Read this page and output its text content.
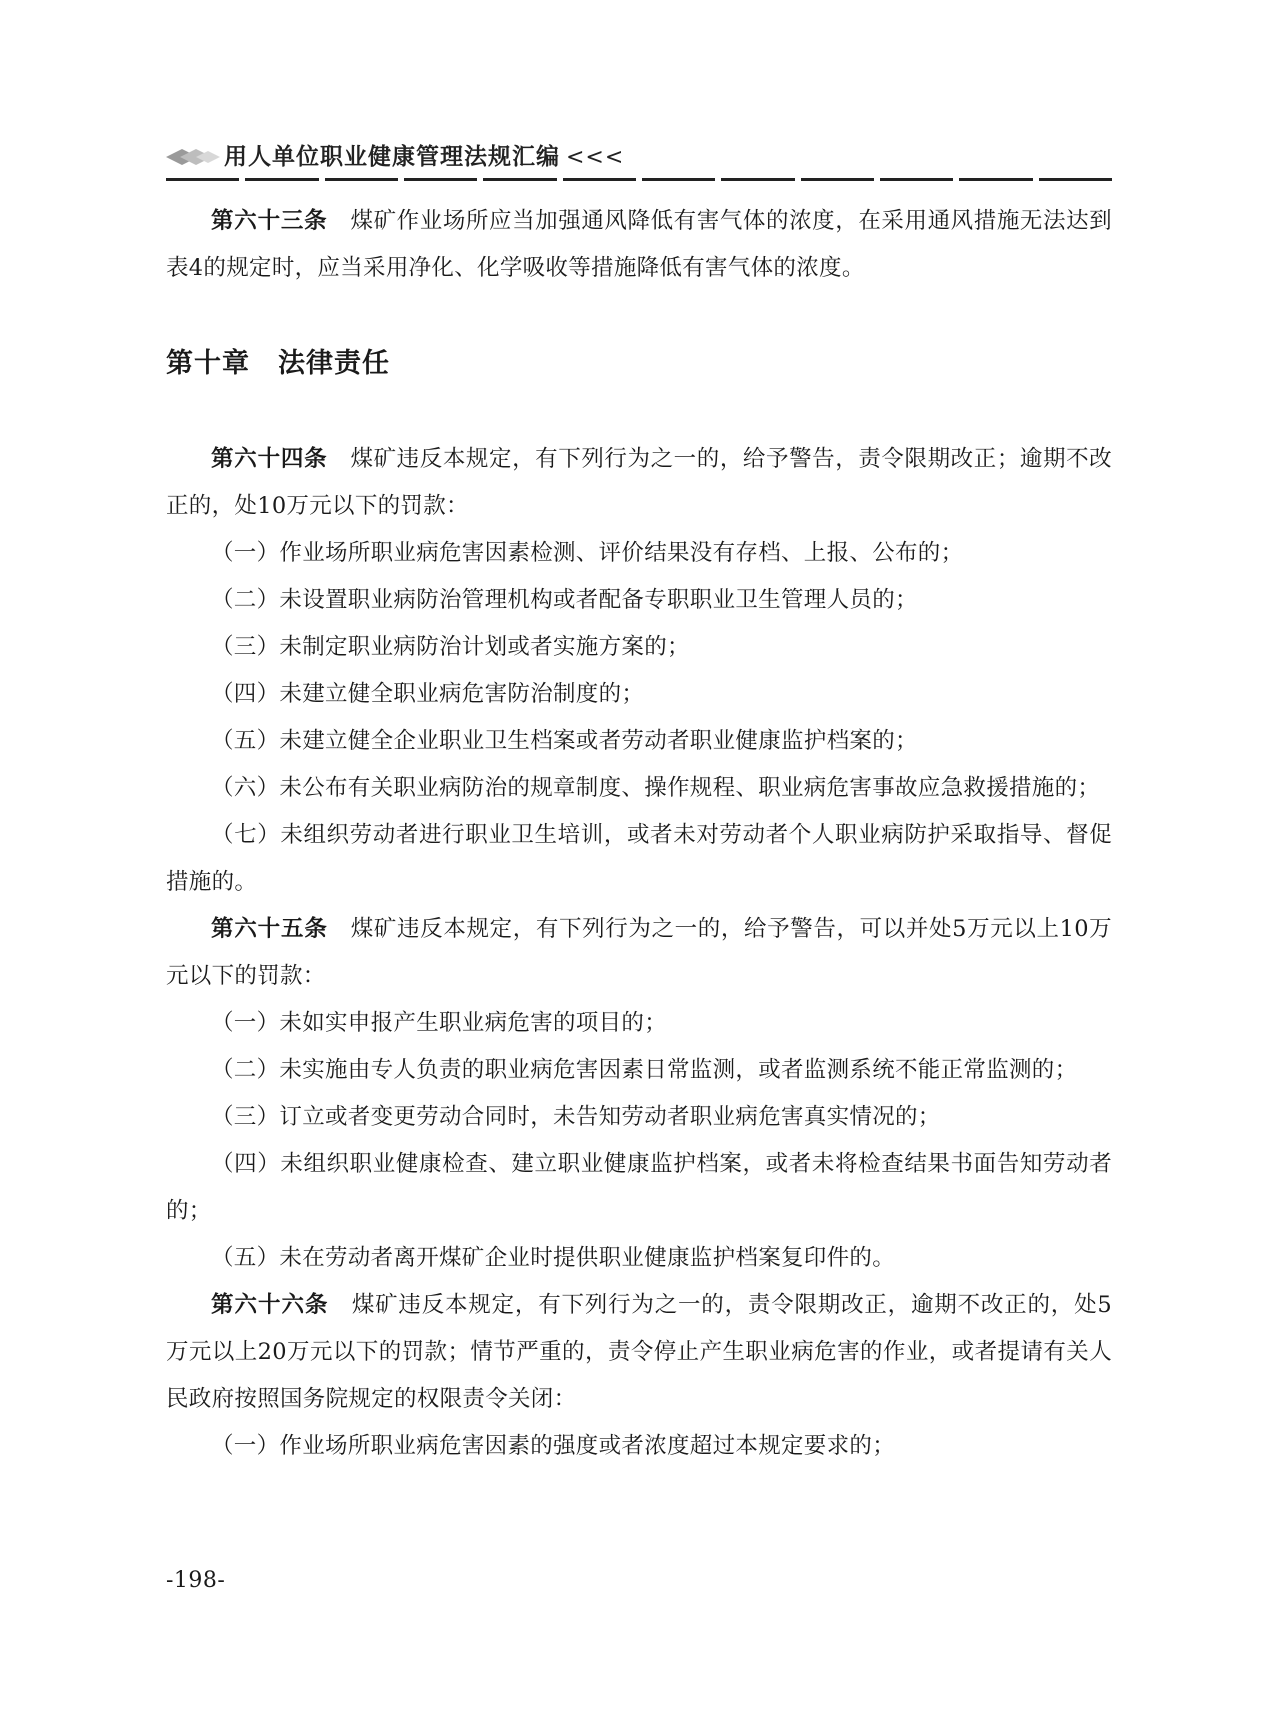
用人单位职业健康管理法规汇编 <<<

第六十三条　 煤矿作业场所应当加强通风降低有害气体的浓度，在采用通风措施无法达到表4的规定时，应当采用净化、化学吸收等措施降低有害气体的浓度。

第十章　法律责任

第六十四条　 煤矿违反本规定，有下列行为之一的，给予警告，责令限期改正；逾期不改正的，处10万元以下的罚款：

（一）作业场所职业病危害因素检测、评价结果没有存档、上报、公布的；

（二）未设置职业病防治管理机构或者配备专职职业卫生管理人员的；

（三）未制定职业病防治计划或者实施方案的；

（四）未建立健全职业病危害防治制度的；

（五）未建立健全企业职业卫生档案或者劳动者职业健康监护档案的；

（六）未公布有关职业病防治的规章制度、操作规程、职业病危害事故应急救援措施的；

（七）未组织劳动者进行职业卫生培训，或者未对劳动者个人职业病防护采取指导、督促措施的。

第六十五条　 煤矿违反本规定，有下列行为之一的，给予警告，可以并处5万元以上10万元以下的罚款：

（一）未如实申报产生职业病危害的项目的；

（二）未实施由专人负责的职业病危害因素日常监测，或者监测系统不能正常监测的；

（三）订立或者变更劳动合同时，未告知劳动者职业病危害真实情况的；

（四）未组织职业健康检查、建立职业健康监护档案，或者未将检查结果书面告知劳动者的；

（五）未在劳动者离开煤矿企业时提供职业健康监护档案复印件的。

第六十六条　 煤矿违反本规定，有下列行为之一的，责令限期改正，逾期不改正的，处5万元以上20万元以下的罚款；情节严重的，责令停止产生职业病危害的作业，或者提请有关人民政府按照国务院规定的权限责令关闭：

（一）作业场所职业病危害因素的强度或者浓度超过本规定要求的；

-198-
